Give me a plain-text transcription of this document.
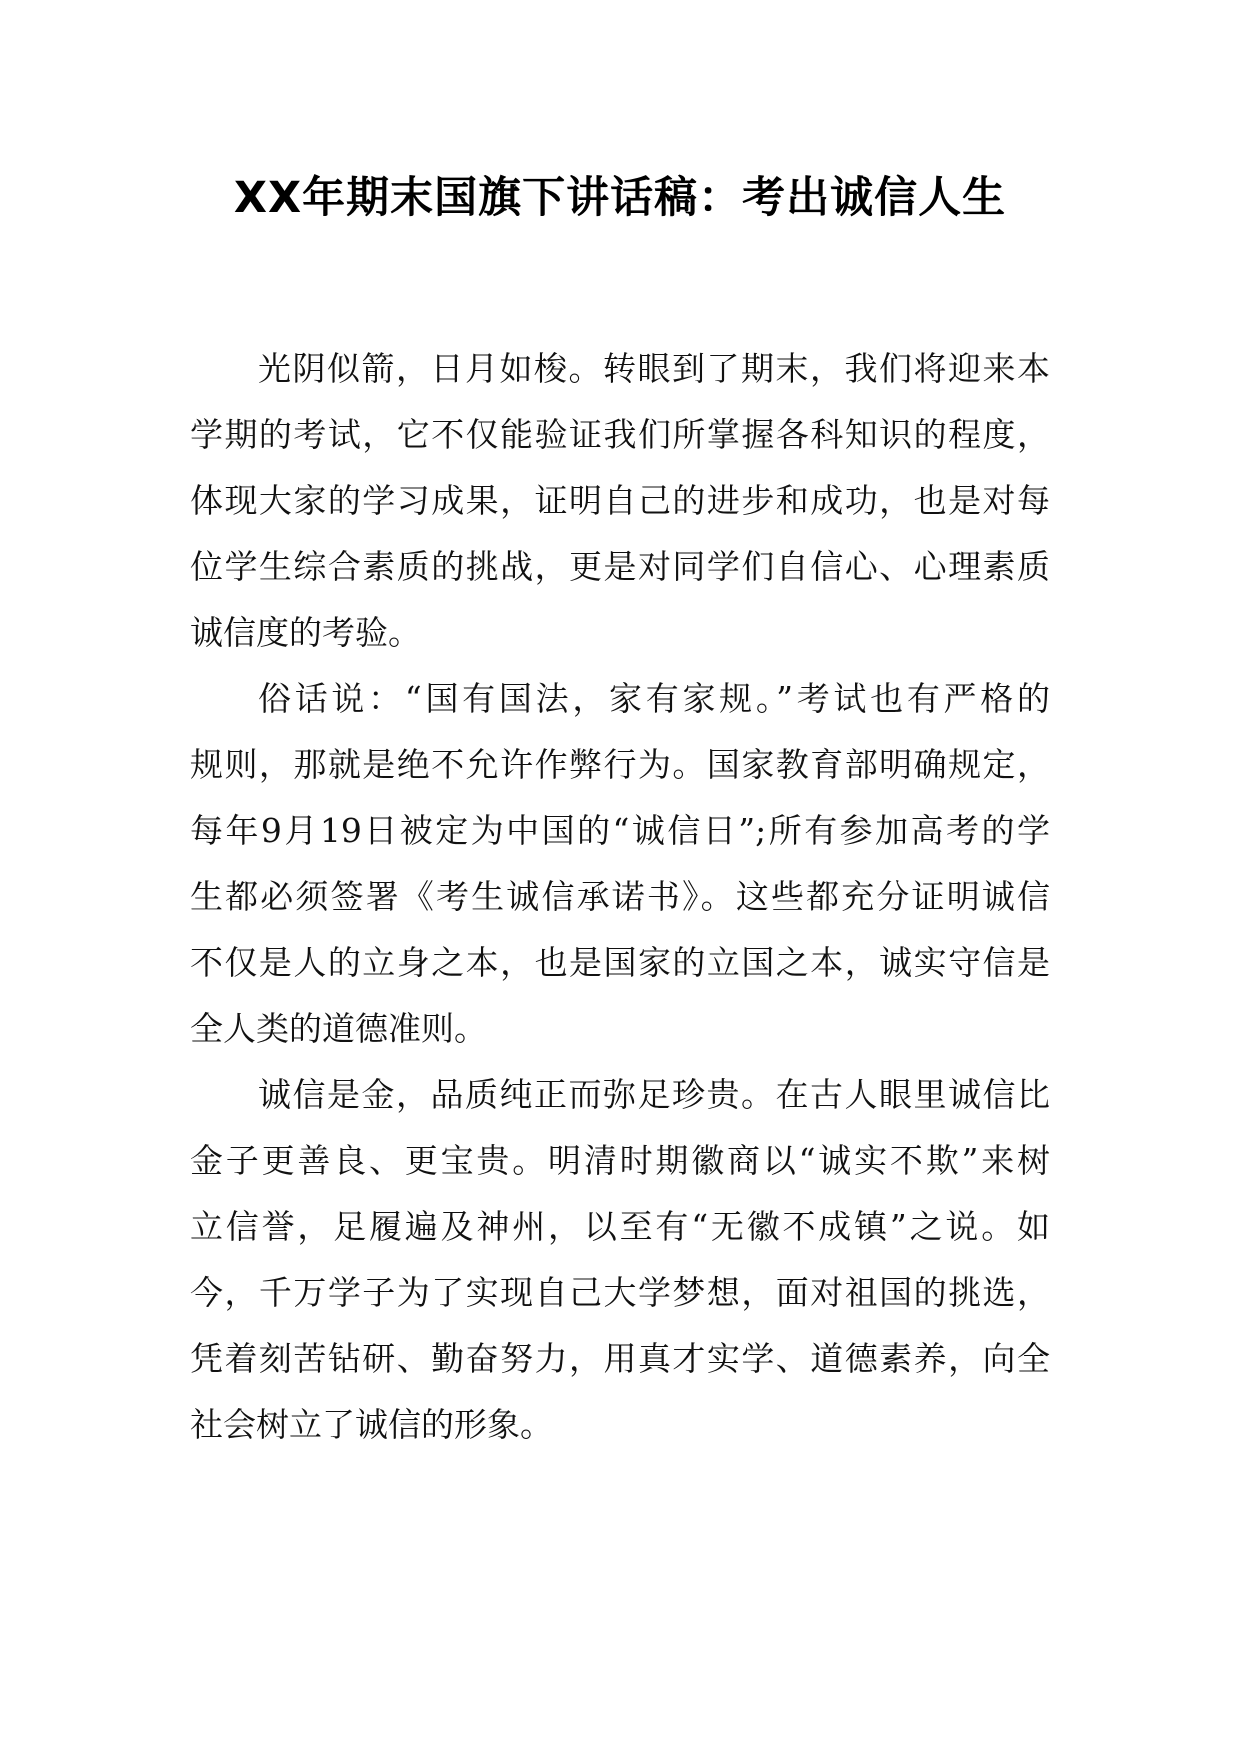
XX年期末国旗下讲话稿：考出诚信人生
光阴似箭，日月如梭。转眼到了期末，我们将迎来本
学期的考试，它不仅能验证我们所掌握各科知识的程度，
体现大家的学习成果，证明自己的进步和成功，也是对每
位学生综合素质的挑战，更是对同学们自信心、心理素质
诚信度的考验。
俗话说：“国有国法，家有家规。”考试也有严格的
规则，那就是绝不允许作弊行为。国家教育部明确规定，
每年9月19日被定为中国的“诚信日”;所有参加高考的学
生都必须签署《考生诚信承诺书》。这些都充分证明诚信
不仅是人的立身之本，也是国家的立国之本，诚实守信是
全人类的道德准则。
诚信是金，品质纯正而弥足珍贵。在古人眼里诚信比
金子更善良、更宝贵。明清时期徽商以“诚实不欺”来树
立信誉，足履遍及神州，以至有“无徽不成镇”之说。如
今，千万学子为了实现自己大学梦想，面对祖国的挑选，
凭着刻苦钻研、勤奋努力，用真才实学、道德素养，向全
社会树立了诚信的形象。
